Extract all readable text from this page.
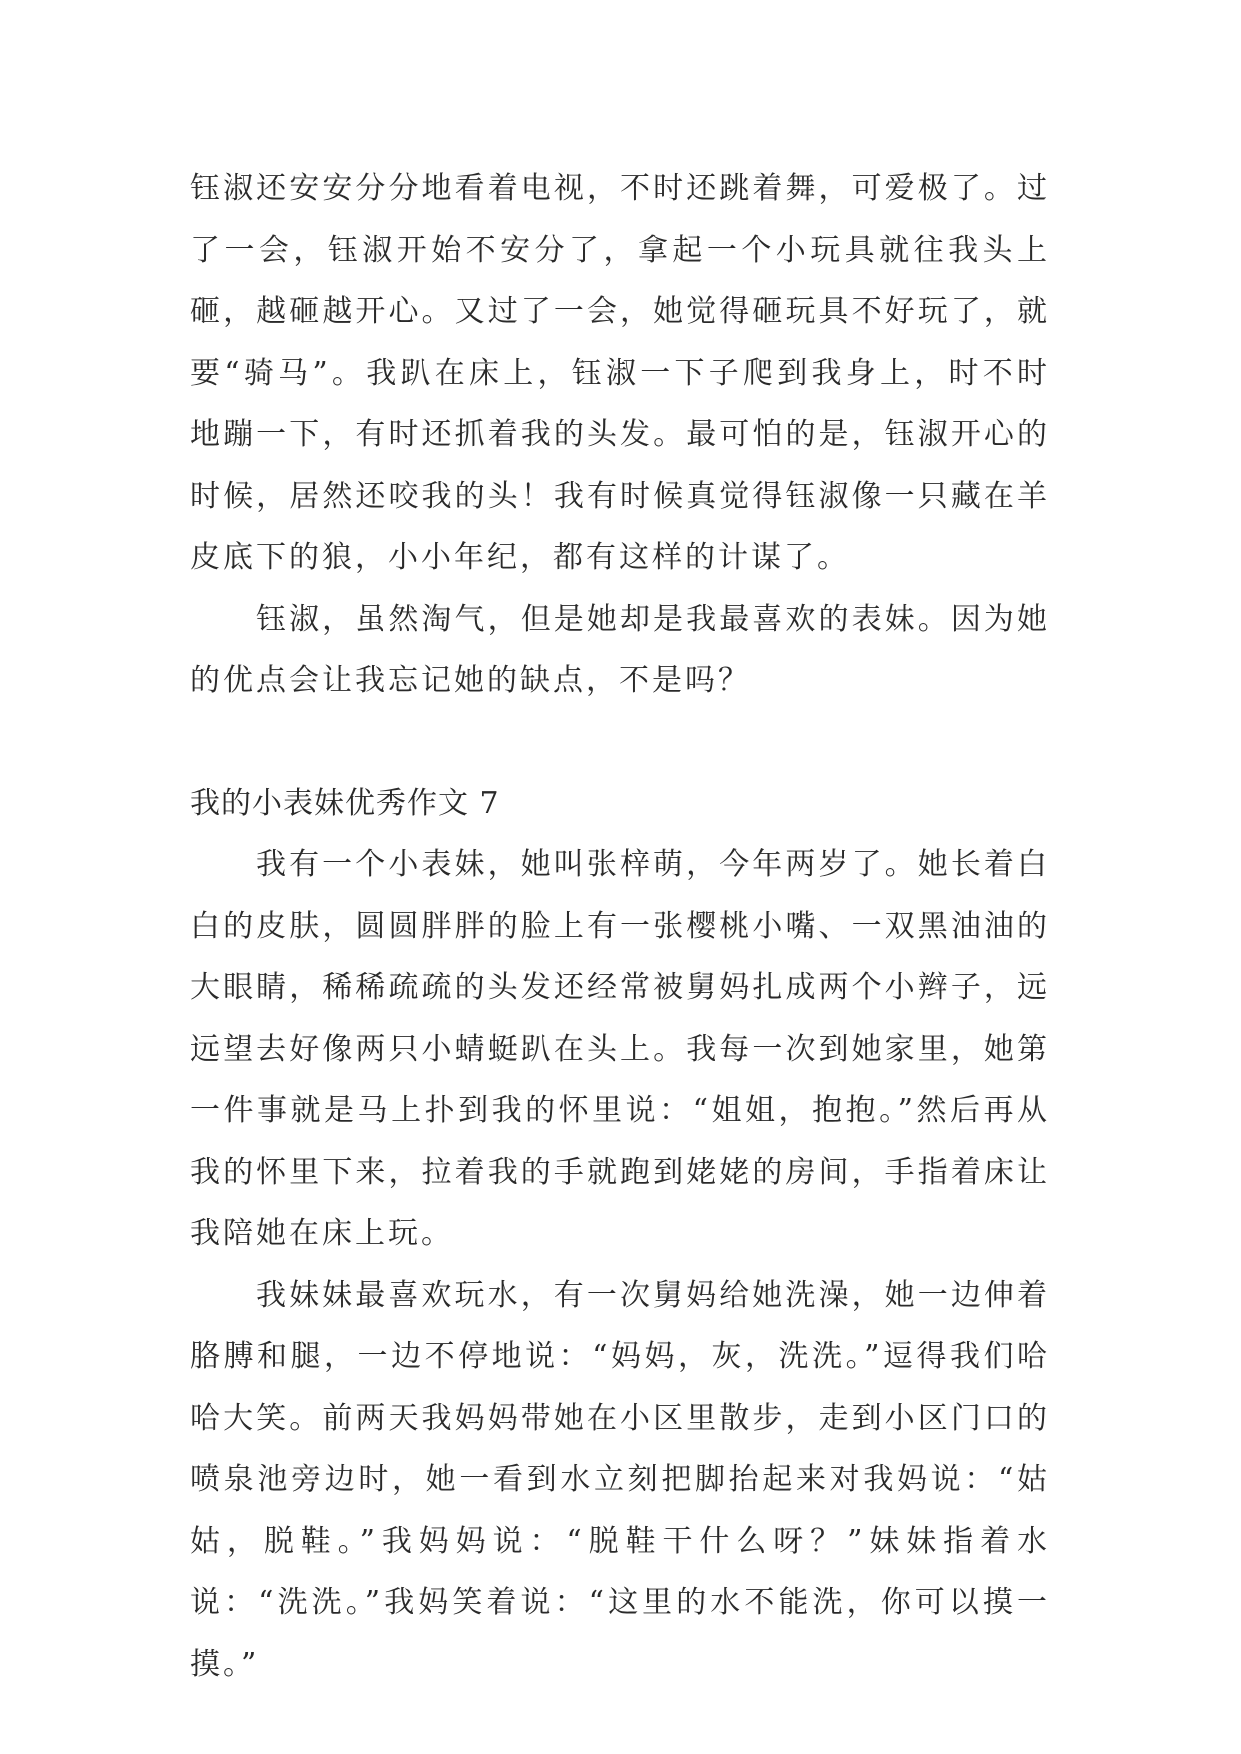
钰淑还安安分分地看着电视，不时还跳着舞，可爱极了。过了一会，钰淑开始不安分了，拿起一个小玩具就往我头上砸，越砸越开心。又过了一会，她觉得砸玩具不好玩了，就要“骑马”。我趴在床上，钰淑一下子爬到我身上，时不时地蹦一下，有时还抓着我的头发。最可怕的是，钰淑开心的时候，居然还咬我的头！我有时候真觉得钰淑像一只藏在羊皮底下的狼，小小年纪，都有这样的计谋了。

钰淑，虽然淘气，但是她却是我最喜欢的表妹。因为她的优点会让我忘记她的缺点，不是吗？

我的小表妹优秀作文 7

我有一个小表妹，她叫张梓萌，今年两岁了。她长着白白的皮肤，圆圆胖胖的脸上有一张樱桃小嘴、一双黑油油的大眼睛，稀稀疏疏的头发还经常被舅妈扎成两个小辫子，远远望去好像两只小蜻蜓趴在头上。我每一次到她家里，她第一件事就是马上扑到我的怀里说：“姐姐，抱抱。”然后再从我的怀里下来，拉着我的手就跑到姥姥的房间，手指着床让我陪她在床上玩。

我妹妹最喜欢玩水，有一次舅妈给她洗澡，她一边伸着胳膊和腿，一边不停地说：“妈妈，灰，洗洗。”逗得我们哈哈大笑。前两天我妈妈带她在小区里散步，走到小区门口的喷泉池旁边时，她一看到水立刻把脚抬起来对我妈说：“姑姑，脱鞋。”我妈妈说：“脱鞋干什么呀？”妹妹指着水说：“洗洗。”我妈笑着说：“这里的水不能洗，你可以摸一摸。”
